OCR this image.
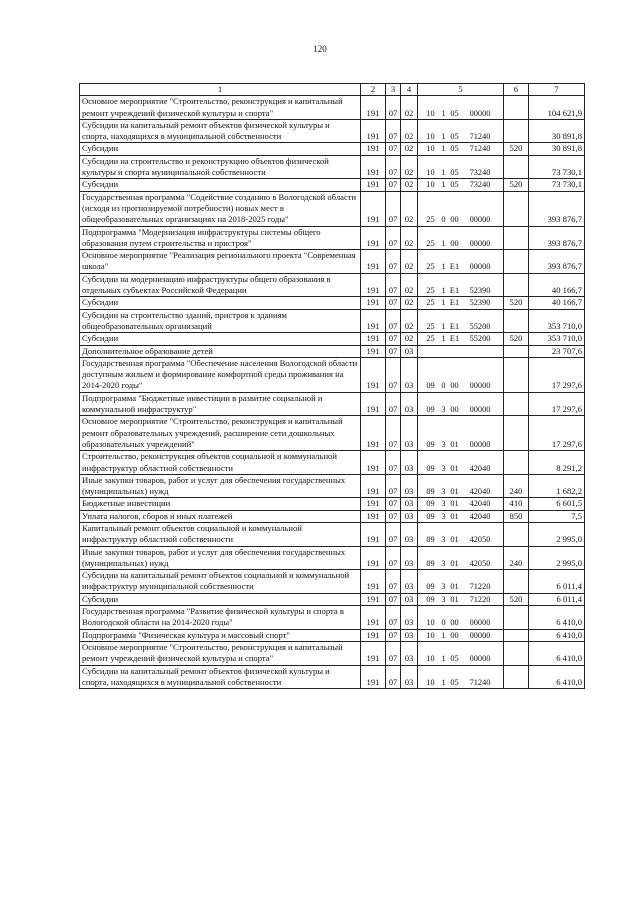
120
1	2	3	4	5	6	7
Основное мероприятие "Строительство, реконструкция и капитальный ремонт учреждений физической культуры и спорта"	191	07	02	10 1 05 00000		104 621,9
Субсидии на капитальный ремонт объектов физической культуры и спорта, находящихся в муниципальной собственности	191	07	02	10 1 05 71240		30 891,8
Субсидии	191	07	02	10 1 05 71240	520	30 891,8
Субсидии на строительство и реконструкцию объектов физической культуры и спорта муниципальной собственности	191	07	02	10 1 05 73240		73 730,1
Субсидии	191	07	02	10 1 05 73240	520	73 730,1
Государственная программа "Содействие созданию в Вологодской области (исходя из прогнозируемой потребности) новых мест в общеобразовательных организациях на 2018-2025 годы"	191	07	02	25 0 00 00000		393 876,7
Подпрограмма "Модернизация инфраструктуры системы общего образования путем строительства и пристроя"	191	07	02	25 1 00 00000		393 876,7
Основное мероприятие "Реализация регионального проекта "Современная школа"	191	07	02	25 1 E1 00000		393 876,7
Субсидии на модернизацию инфраструктуры общего образования в отдельных субъектах Российской Федерации	191	07	02	25 1 E1 52390		40 166,7
Субсидии	191	07	02	25 1 E1 52390	520	40 166,7
Субсидии на строительство зданий, пристроя к зданиям общеобразовательных организаций	191	07	02	25 1 E1 55200		353 710,0
Субсидии	191	07	02	25 1 E1 55200	520	353 710,0
Дополнительное образование детей	191	07	03			23 707,6
Государственная программа "Обеспечение населения Вологодской области доступным жильем и формирование комфортной среды проживания на 2014-2020 годы"	191	07	03	09 0 00 00000		17 297,6
Подпрограмма "Бюджетные инвестиции в развитие социальной и коммунальной инфраструктур"	191	07	03	09 3 00 00000		17 297,6
Основное мероприятие "Строительство, реконструкция и капитальный ремонт образовательных учреждений, расширение сети дошкольных образовательных учреждений"	191	07	03	09 3 01 00000		17 297,6
Строительство, реконструкция объектов социальной и коммунальной инфраструктур областной собственности	191	07	03	09 3 01 42040		8 291,2
Иные закупки товаров, работ и услуг для обеспечения государственных (муниципальных) нужд	191	07	03	09 3 01 42040	240	1 682,2
Бюджетные инвестиции	191	07	03	09 3 01 42040	410	6 601,5
Уплата налогов, сборов и иных платежей	191	07	03	09 3 01 42040	850	7,5
Капитальный ремонт объектов социальной и коммунальной инфраструктур областной собственности	191	07	03	09 3 01 42050		2 995,0
Иные закупки товаров, работ и услуг для обеспечения государственных (муниципальных) нужд	191	07	03	09 3 01 42050	240	2 995,0
Субсидии на капитальный ремонт объектов социальной и коммунальной инфраструктур муниципальной собственности	191	07	03	09 3 01 71220		6 011,4
Субсидии	191	07	03	09 3 01 71220	520	6 011,4
Государственная программа "Развитие физической культуры и спорта в Вологодской области на 2014-2020 годы"	191	07	03	10 0 00 00000		6 410,0
Подпрограмма "Физическая культура и массовый спорт"	191	07	03	10 1 00 00000		6 410,0
Основное мероприятие "Строительство, реконструкция и капитальный ремонт учреждений физической культуры и спорта"	191	07	03	10 1 05 00000		6 410,0
Субсидии на капитальный ремонт объектов физической культуры и спорта, находящихся в муниципальной собственности	191	07	03	10 1 05 71240		6 410,0
